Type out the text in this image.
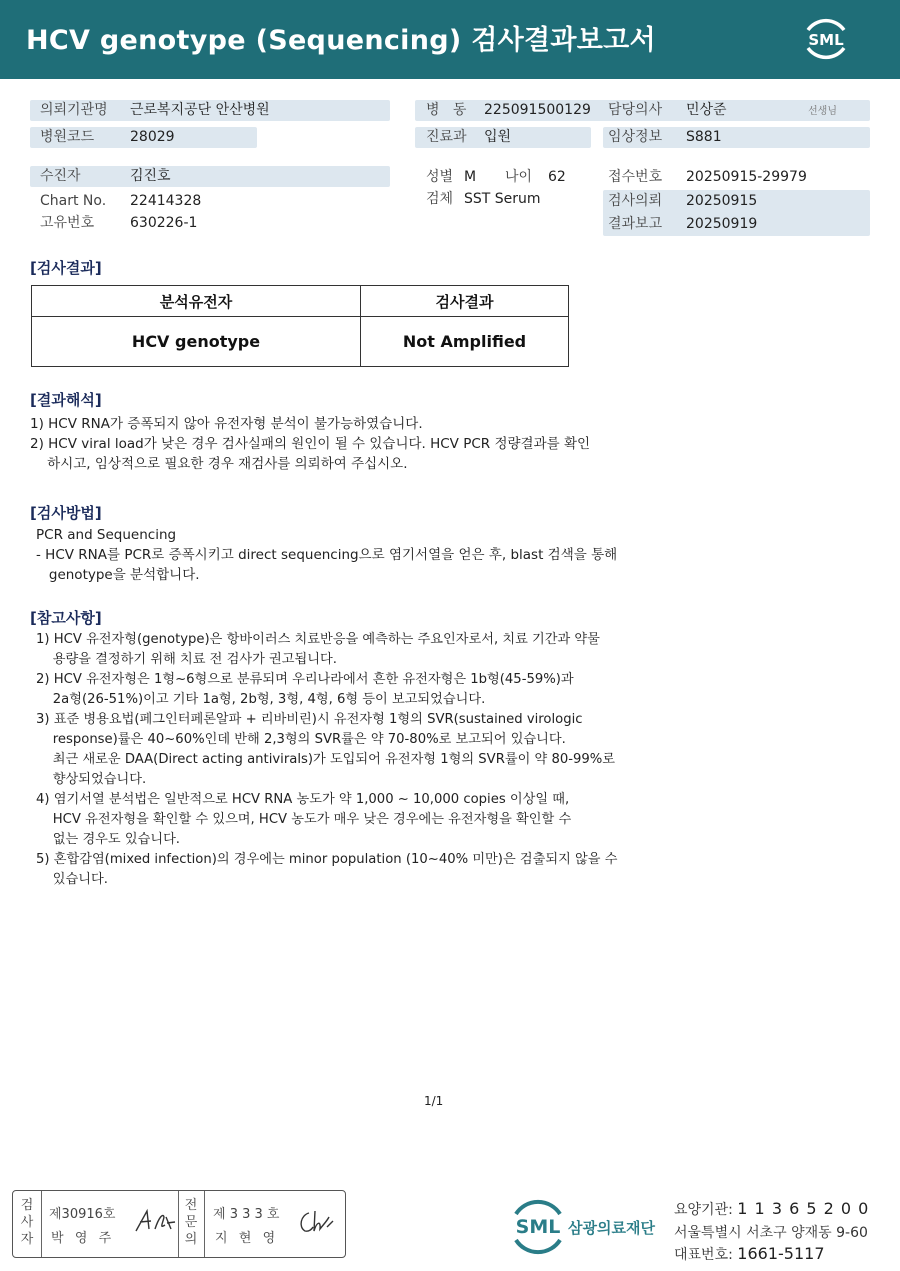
HCV genotype (Sequencing) 검사결과보고서	SML
의뢰기관명 근로복지공단 안산병원
병원코드	28029
병   동 225091500129 담당의사 민상준	선생님
진료과 입원	임상정보 S881
수진자	김진호
Chart No. 22414328
고유번호	630226-1
성별 M 나이 62
검체 SST Serum
접수번호 20250915-29979
검사의뢰 20250915
결과보고 20250919
[검사결과]
분석유전자	검사결과
HCV genotype	Not Amplified
[결과해석]
1) HCV RNA가 증폭되지 않아 유전자형 분석이 불가능하였습니다.
2) HCV viral load가 낮은 경우 검사실패의 원인이 될 수 있습니다. HCV PCR 정량결과를 확인
하시고, 임상적으로 필요한 경우 재검사를 의뢰하여 주십시오.
[검사방법]
PCR and Sequencing
- HCV RNA를 PCR로 증폭시키고 direct sequencing으로 염기서열을 얻은 후, blast 검색을 통해
genotype을 분석합니다.
[참고사항]
1) HCV 유전자형(genotype)은 항바이러스 치료반응을 예측하는 주요인자로서, 치료 기간과 약물
용량을 결정하기 위해 치료 전 검사가 권고됩니다.
2) HCV 유전자형은 1형~6형으로 분류되며 우리나라에서 흔한 유전자형은 1b형(45-59%)과
2a형(26-51%)이고 기타 1a형, 2b형, 3형, 4형, 6형 등이 보고되었습니다.
3) 표준 병용요법(페그인터페론알파 + 리바비린)시 유전자형 1형의 SVR(sustained virologic
response)률은 40~60%인데 반해 2,3형의 SVR률은 약 70-80%로 보고되어 있습니다.
최근 새로운 DAA(Direct acting antivirals)가 도입되어 유전자형 1형의 SVR률이 약 80-99%로
향상되었습니다.
4) 염기서열 분석법은 일반적으로 HCV RNA 농도가 약 1,000 ~ 10,000 copies 이상일 때,
HCV 유전자형을 확인할 수 있으며, HCV 농도가 매우 낮은 경우에는 유전자형을 확인할 수
없는 경우도 있습니다.
5) 혼합감염(mixed infection)의 경우에는 minor population (10~40% 미만)은 검출되지 않을 수
있습니다.
1/1
검
사
자
제30916호
박  영  주
전
문
의
제 3 3 3 호
지  현  영
SML 삼광의료재단
요양기관: 1 1 3 6 5 2 0 0
서울특별시 서초구 양재동 9-60
대표번호: 1661-5117
